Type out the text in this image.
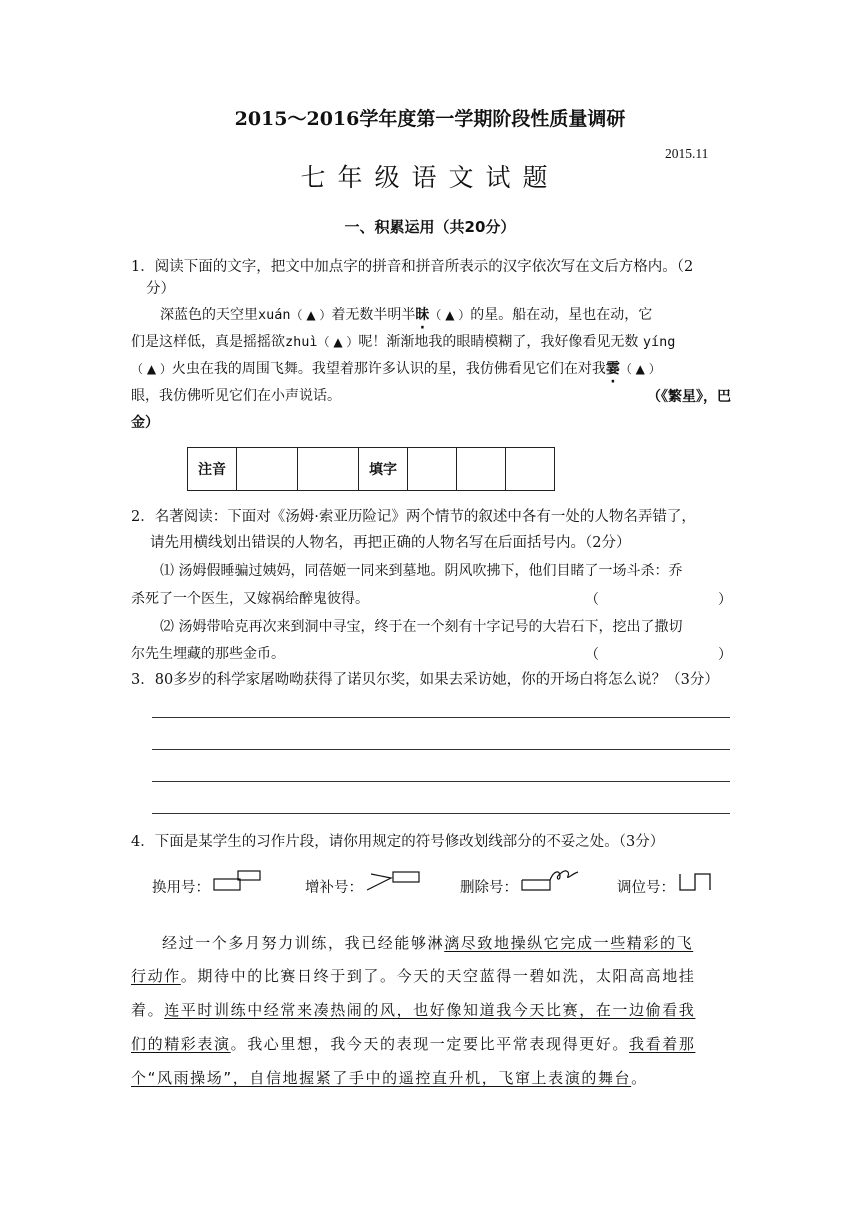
2015～2016学年度第一学期阶段性质量调研
2015.11
七年级语文试题
一、积累运用（共20分）
1．阅读下面的文字，把文中加点字的拼音和拼音所表示的汉字依次写在文后方格内。（2
分）
深蓝色的天空里xuán（ ▲ ）着无数半明半昧（ ▲ ）的星。船在动，星也在动，它
们是这样低，真是摇摇欲zhuì（ ▲ ）呢！渐渐地我的眼睛模糊了，我好像看见无数 yíng
（ ▲ ）火虫在我的周围飞舞。我望着那许多认识的星，我仿佛看见它们在对我霎（ ▲ ）
眼，我仿佛听见它们在小声说话。	（《繁星》，巴
金）
注音			填字			
2．名著阅读：下面对《汤姆·索亚历险记》两个情节的叙述中各有一处的人物名弄错了，
请先用横线划出错误的人物名，再把正确的人物名写在后面括号内。（2分）
⑴ 汤姆假睡骗过姨妈，同蓓姬一同来到墓地。阴风吹拂下，他们目睹了一场斗杀：乔
杀死了一个医生，又嫁祸给醉鬼彼得。	（	）
⑵ 汤姆带哈克再次来到洞中寻宝，终于在一个刻有十字记号的大岩石下，挖出了撒切
尔先生埋藏的那些金币。	（	）
3．80多岁的科学家屠呦呦获得了诺贝尔奖，如果去采访她，你的开场白将怎么说？（3分）
4．下面是某学生的习作片段，请你用规定的符号修改划线部分的不妥之处。（3分）
换用号：	增补号：	删除号：	调位号：
经过一个多月努力训练，我已经能够淋漓尽致地操纵它完成一些精彩的飞
行动作。期待中的比赛日终于到了。今天的天空蓝得一碧如洗，太阳高高地挂
着。连平时训练中经常来凑热闹的风，也好像知道我今天比赛，在一边偷看我
们的精彩表演。我心里想，我今天的表现一定要比平常表现得更好。我看着那
个“风雨操场”，自信地握紧了手中的遥控直升机，飞窜上表演的舞台。
